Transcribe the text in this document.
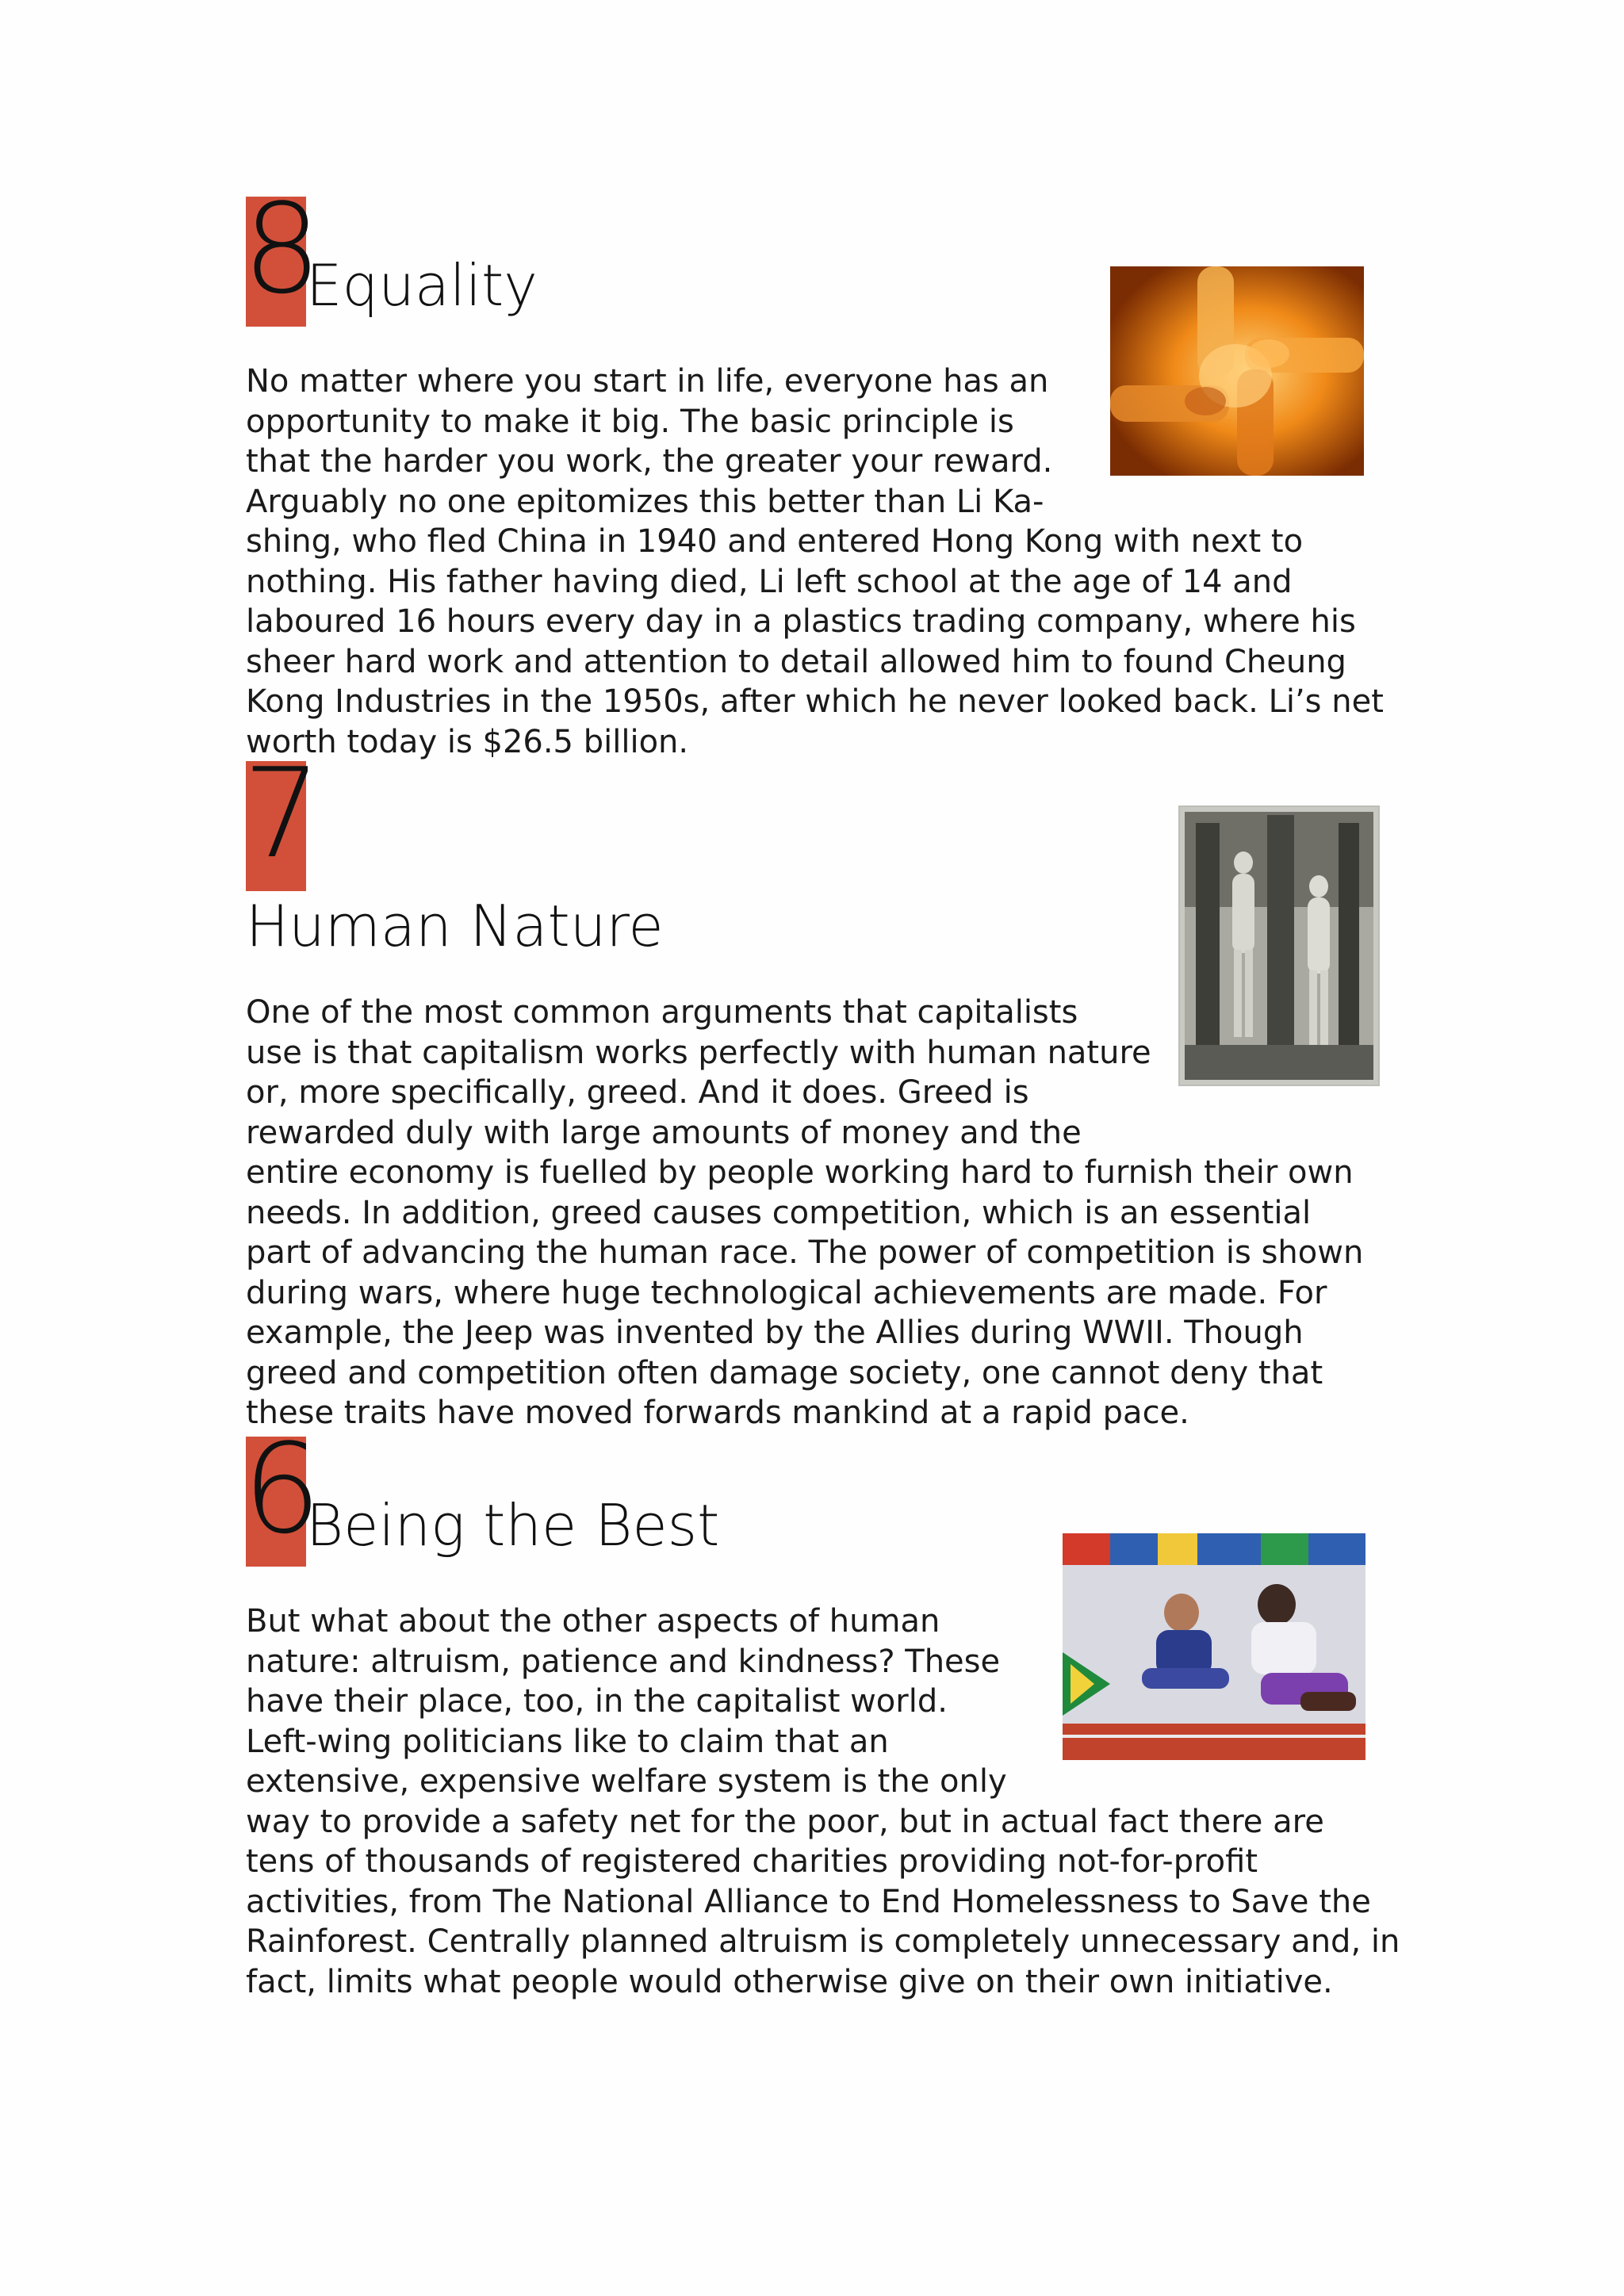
8
Equality

No matter where you start in life, everyone has an
opportunity to make it big. The basic principle is
that the harder you work, the greater your reward.
Arguably no one epitomizes this better than Li Ka-
shing, who fled China in 1940 and entered Hong Kong with next to
nothing. His father having died, Li left school at the age of 14 and
laboured 16 hours every day in a plastics trading company, where his
sheer hard work and attention to detail allowed him to found Cheung
Kong Industries in the 1950s, after which he never looked back. Li’s net
worth today is $26.5 billion.

7
Human Nature

One of the most common arguments that capitalists
use is that capitalism works perfectly with human nature
or, more specifically, greed. And it does. Greed is
rewarded duly with large amounts of money and the
entire economy is fuelled by people working hard to furnish their own
needs. In addition, greed causes competition, which is an essential
part of advancing the human race. The power of competition is shown
during wars, where huge technological achievements are made. For
example, the Jeep was invented by the Allies during WWII. Though
greed and competition often damage society, one cannot deny that
these traits have moved forwards mankind at a rapid pace.

6
Being the Best

But what about the other aspects of human
nature: altruism, patience and kindness? These
have their place, too, in the capitalist world.
Left-wing politicians like to claim that an
extensive, expensive welfare system is the only
way to provide a safety net for the poor, but in actual fact there are
tens of thousands of registered charities providing not-for-profit
activities, from The National Alliance to End Homelessness to Save the
Rainforest. Centrally planned altruism is completely unnecessary and, in
fact, limits what people would otherwise give on their own initiative.
